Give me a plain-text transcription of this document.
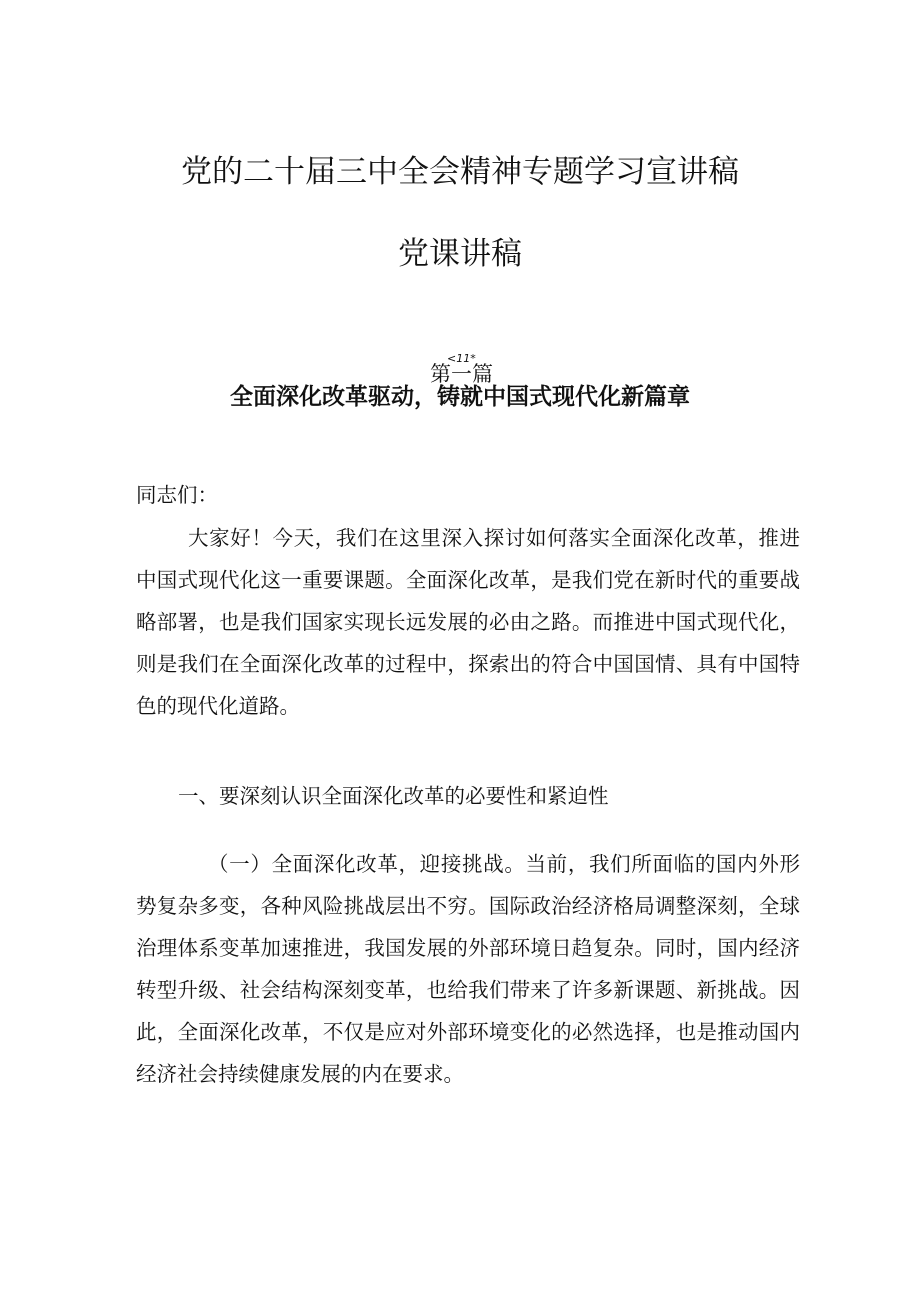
党的二十届三中全会精神专题学习宣讲稿
党课讲稿
<11*
第一篇
全面深化改革驱动，铸就中国式现代化新篇章

同志们：

大家好！今天，我们在这里深入探讨如何落实全面深化改革，推进中国式现代化这一重要课题。全面深化改革，是我们党在新时代的重要战略部署，也是我们国家实现长远发展的必由之路。而推进中国式现代化，则是我们在全面深化改革的过程中，探索出的符合中国国情、具有中国特色的现代化道路。

一、要深刻认识全面深化改革的必要性和紧迫性

（一）全面深化改革，迎接挑战。当前，我们所面临的国内外形势复杂多变，各种风险挑战层出不穷。国际政治经济格局调整深刻，全球治理体系变革加速推进，我国发展的外部环境日趋复杂。同时，国内经济转型升级、社会结构深刻变革，也给我们带来了许多新课题、新挑战。因此，全面深化改革，不仅是应对外部环境变化的必然选择，也是推动国内经济社会持续健康发展的内在要求。
